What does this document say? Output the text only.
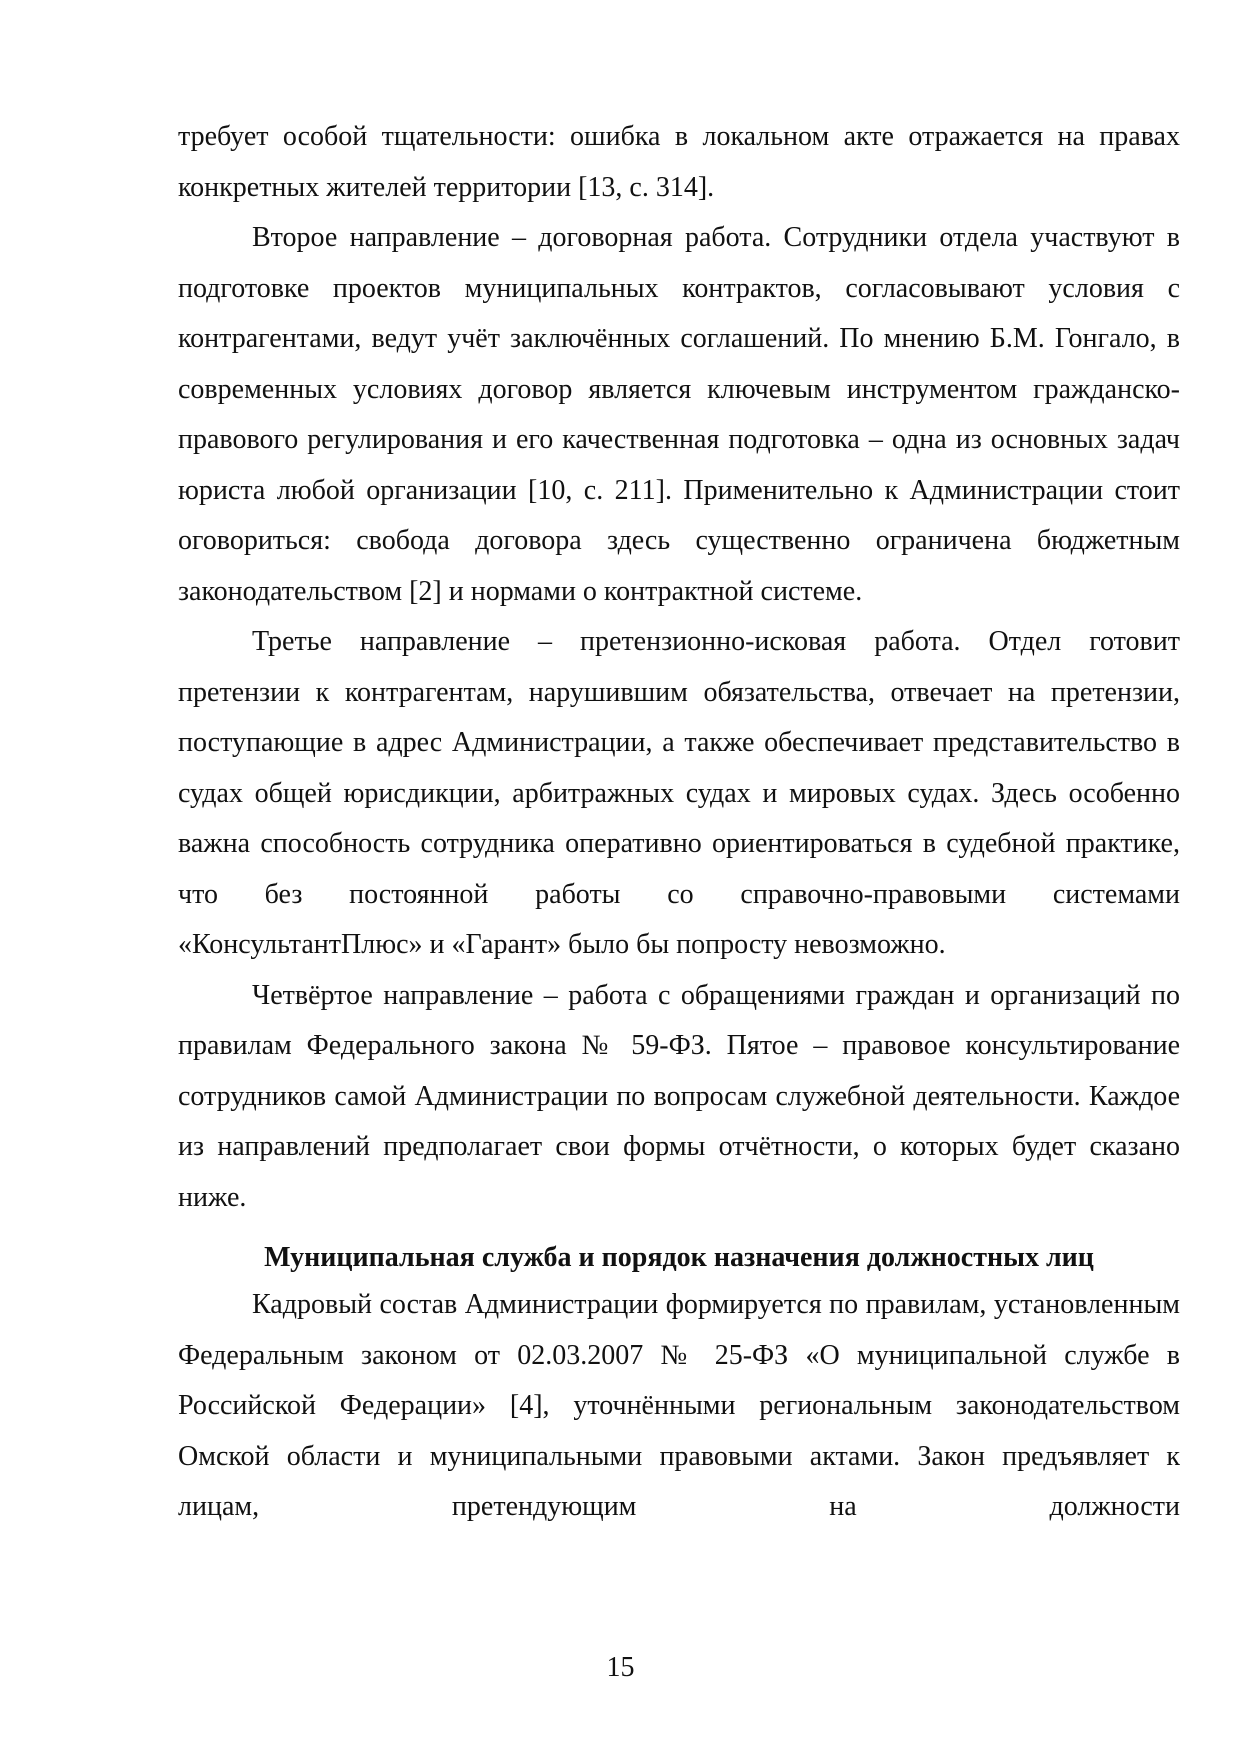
требует особой тщательности: ошибка в локальном акте отражается на правах конкретных жителей территории [13, с. 314].

Второе направление – договорная работа. Сотрудники отдела участвуют в подготовке проектов муниципальных контрактов, согласовывают условия с контрагентами, ведут учёт заключённых соглашений. По мнению Б.М. Гонгало, в современных условиях договор является ключевым инструментом гражданско-правового регулирования и его качественная подготовка – одна из основных задач юриста любой организации [10, с. 211]. Применительно к Администрации стоит оговориться: свобода договора здесь существенно ограничена бюджетным законодательством [2] и нормами о контрактной системе.

Третье направление – претензионно-исковая работа. Отдел готовит претензии к контрагентам, нарушившим обязательства, отвечает на претензии, поступающие в адрес Администрации, а также обеспечивает представительство в судах общей юрисдикции, арбитражных судах и мировых судах. Здесь особенно важна способность сотрудника оперативно ориентироваться в судебной практике, что без постоянной работы со справочно-правовыми системами «КонсультантПлюс» и «Гарант» было бы попросту невозможно.

Четвёртое направление – работа с обращениями граждан и организаций по правилам Федерального закона № 59-ФЗ. Пятое – правовое консультирование сотрудников самой Администрации по вопросам служебной деятельности. Каждое из направлений предполагает свои формы отчётности, о которых будет сказано ниже.

Муниципальная служба и порядок назначения должностных лиц

Кадровый состав Администрации формируется по правилам, установленным Федеральным законом от 02.03.2007 № 25-ФЗ «О муниципальной службе в Российской Федерации» [4], уточнёнными региональным законодательством Омской области и муниципальными правовыми актами. Закон предъявляет к лицам, претендующим на должности

15
